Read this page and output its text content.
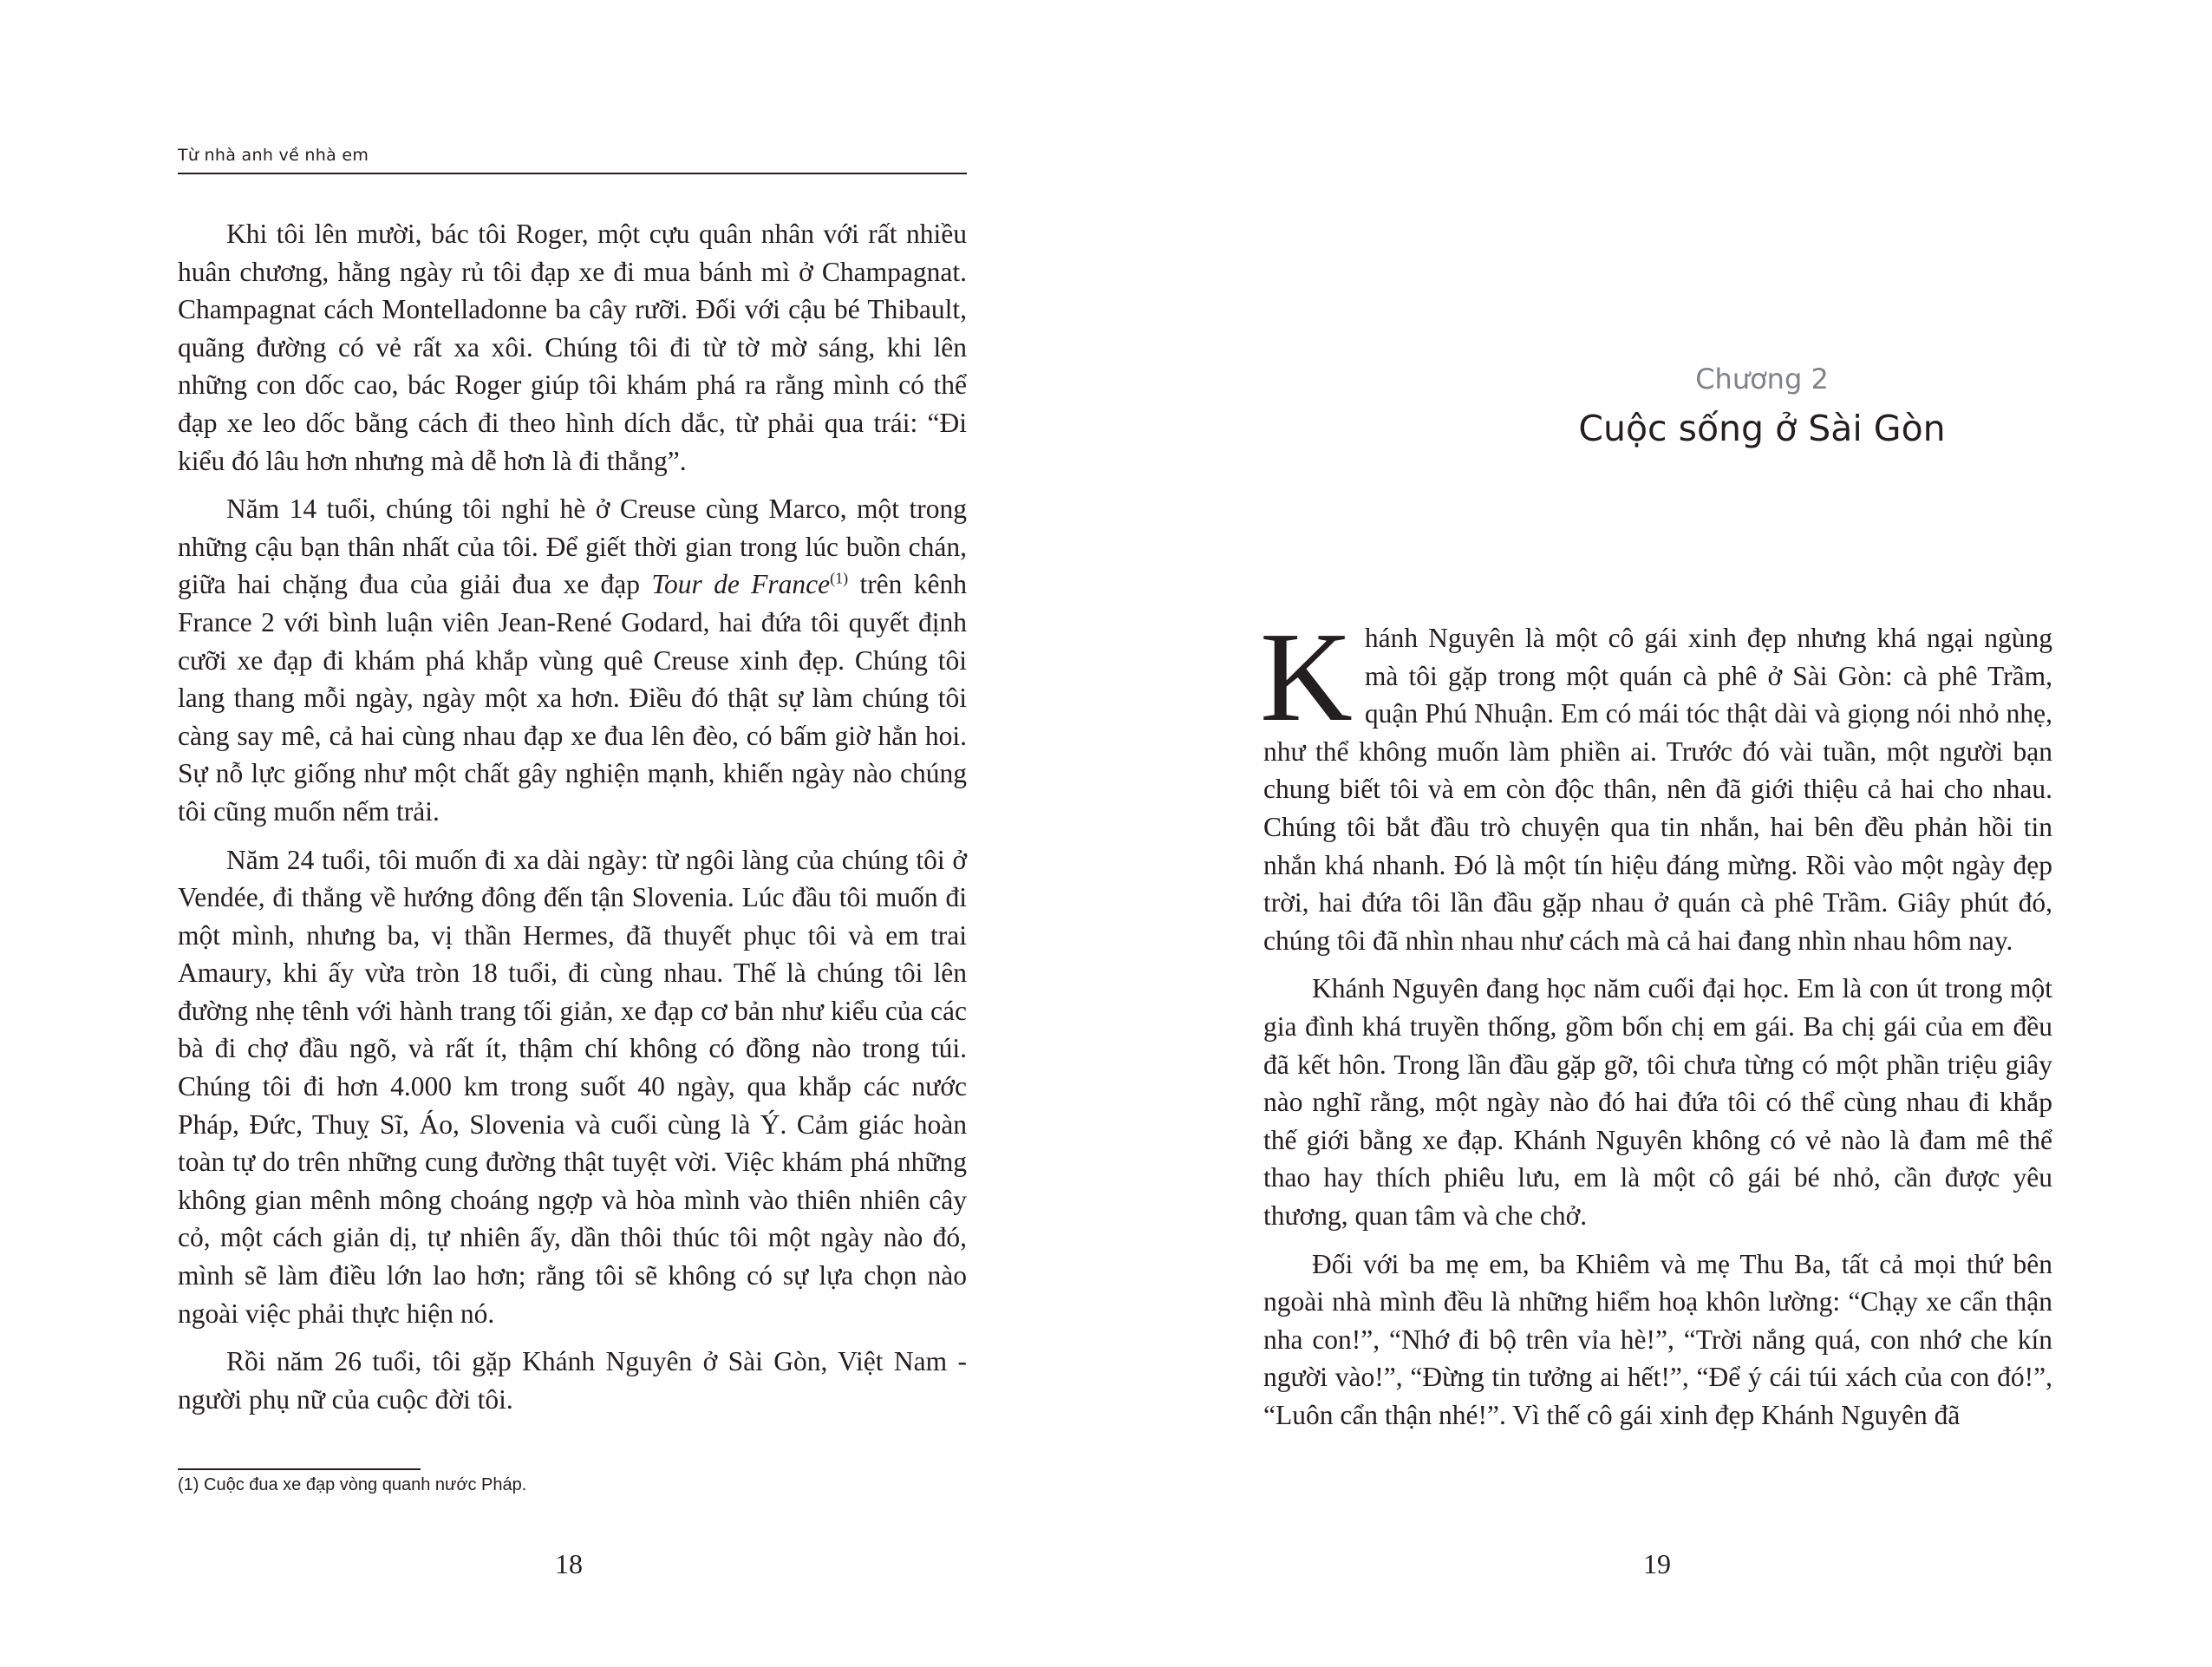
Từ nhà anh về nhà em

Khi tôi lên mười, bác tôi Roger, một cựu quân nhân với rất nhiều huân chương, hằng ngày rủ tôi đạp xe đi mua bánh mì ở Champagnat. Champagnat cách Montelladonne ba cây rưỡi. Đối với cậu bé Thibault, quãng đường có vẻ rất xa xôi. Chúng tôi đi từ tờ mờ sáng, khi lên những con dốc cao, bác Roger giúp tôi khám phá ra rằng mình có thể đạp xe leo dốc bằng cách đi theo hình dích dắc, từ phải qua trái: “Đi kiểu đó lâu hơn nhưng mà dễ hơn là đi thẳng”.

Năm 14 tuổi, chúng tôi nghỉ hè ở Creuse cùng Marco, một trong những cậu bạn thân nhất của tôi. Để giết thời gian trong lúc buồn chán, giữa hai chặng đua của giải đua xe đạp Tour de France$^{(1)}$ trên kênh France 2 với bình luận viên Jean-René Godard, hai đứa tôi quyết định cưỡi xe đạp đi khám phá khắp vùng quê Creuse xinh đẹp. Chúng tôi lang thang mỗi ngày, ngày một xa hơn. Điều đó thật sự làm chúng tôi càng say mê, cả hai cùng nhau đạp xe đua lên đèo, có bấm giờ hẳn hoi. Sự nỗ lực giống như một chất gây nghiện mạnh, khiến ngày nào chúng tôi cũng muốn nếm trải.

Năm 24 tuổi, tôi muốn đi xa dài ngày: từ ngôi làng của chúng tôi ở Vendée, đi thẳng về hướng đông đến tận Slovenia. Lúc đầu tôi muốn đi một mình, nhưng ba, vị thần Hermes, đã thuyết phục tôi và em trai Amaury, khi ấy vừa tròn 18 tuổi, đi cùng nhau. Thế là chúng tôi lên đường nhẹ tênh với hành trang tối giản, xe đạp cơ bản như kiểu của các bà đi chợ đầu ngõ, và rất ít, thậm chí không có đồng nào trong túi. Chúng tôi đi hơn 4.000 km trong suốt 40 ngày, qua khắp các nước Pháp, Đức, Thuỵ Sĩ, Áo, Slovenia và cuối cùng là Ý. Cảm giác hoàn toàn tự do trên những cung đường thật tuyệt vời. Việc khám phá những không gian mênh mông choáng ngợp và hòa mình vào thiên nhiên cây cỏ, một cách giản dị, tự nhiên ấy, dần thôi thúc tôi một ngày nào đó, mình sẽ làm điều lớn lao hơn; rằng tôi sẽ không có sự lựa chọn nào ngoài việc phải thực hiện nó.

Rồi năm 26 tuổi, tôi gặp Khánh Nguyên ở Sài Gòn, Việt Nam - người phụ nữ của cuộc đời tôi.

(1) Cuộc đua xe đạp vòng quanh nước Pháp.
18
Chương 2
Cuộc sống ở Sài Gòn

Khánh Nguyên là một cô gái xinh đẹp nhưng khá ngại ngùng mà tôi gặp trong một quán cà phê ở Sài Gòn: cà phê Trầm, quận Phú Nhuận. Em có mái tóc thật dài và giọng nói nhỏ nhẹ, như thể không muốn làm phiền ai. Trước đó vài tuần, một người bạn chung biết tôi và em còn độc thân, nên đã giới thiệu cả hai cho nhau. Chúng tôi bắt đầu trò chuyện qua tin nhắn, hai bên đều phản hồi tin nhắn khá nhanh. Đó là một tín hiệu đáng mừng. Rồi vào một ngày đẹp trời, hai đứa tôi lần đầu gặp nhau ở quán cà phê Trầm. Giây phút đó, chúng tôi đã nhìn nhau như cách mà cả hai đang nhìn nhau hôm nay.

Khánh Nguyên đang học năm cuối đại học. Em là con út trong một gia đình khá truyền thống, gồm bốn chị em gái. Ba chị gái của em đều đã kết hôn. Trong lần đầu gặp gỡ, tôi chưa từng có một phần triệu giây nào nghĩ rằng, một ngày nào đó hai đứa tôi có thể cùng nhau đi khắp thế giới bằng xe đạp. Khánh Nguyên không có vẻ nào là đam mê thể thao hay thích phiêu lưu, em là một cô gái bé nhỏ, cần được yêu thương, quan tâm và che chở.

Đối với ba mẹ em, ba Khiêm và mẹ Thu Ba, tất cả mọi thứ bên ngoài nhà mình đều là những hiểm hoạ khôn lường: “Chạy xe cẩn thận nha con!”, “Nhớ đi bộ trên vỉa hè!”, “Trời nắng quá, con nhớ che kín người vào!”, “Đừng tin tưởng ai hết!”, “Để ý cái túi xách của con đó!”, “Luôn cẩn thận nhé!”. Vì thế cô gái xinh đẹp Khánh Nguyên đã

19
